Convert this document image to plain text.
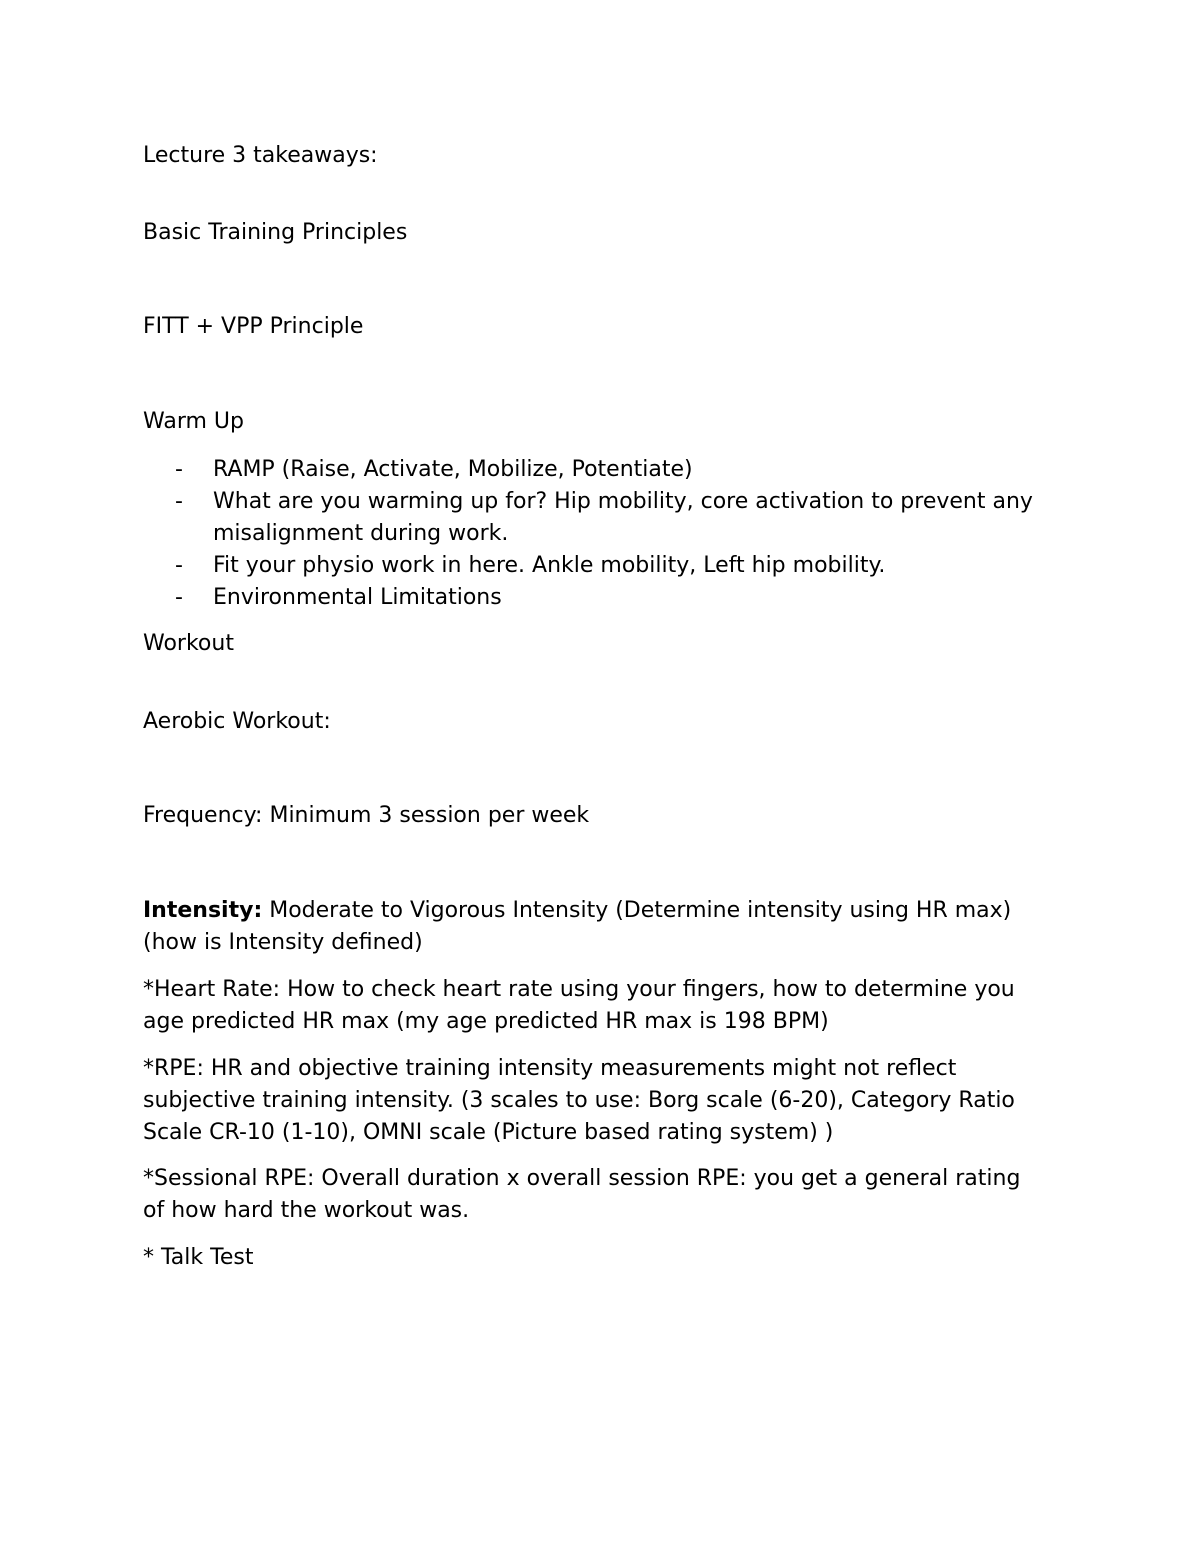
Lecture 3 takeaways:
Basic Training Principles
FITT + VPP Principle
Warm Up
- RAMP (Raise, Activate, Mobilize, Potentiate)
- What are you warming up for? Hip mobility, core activation to prevent any misalignment during work.
- Fit your physio work in here. Ankle mobility, Left hip mobility.
- Environmental Limitations
Workout
Aerobic Workout:
Frequency: Minimum 3 session per week
Intensity: Moderate to Vigorous Intensity (Determine intensity using HR max) (how is Intensity defined)
*Heart Rate: How to check heart rate using your fingers, how to determine you age predicted HR max (my age predicted HR max is 198 BPM)
*RPE: HR and objective training intensity measurements might not reflect subjective training intensity. (3 scales to use: Borg scale (6-20), Category Ratio Scale CR-10 (1-10), OMNI scale (Picture based rating system) )
*Sessional RPE: Overall duration x overall session RPE: you get a general rating of how hard the workout was.
* Talk Test
